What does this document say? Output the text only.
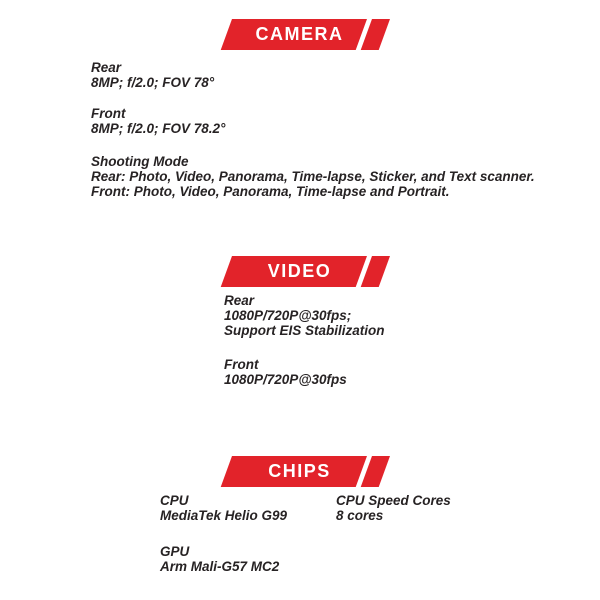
CAMERA
Rear
8MP; f/2.0; FOV 78°
Front
8MP; f/2.0; FOV 78.2°
Shooting Mode
Rear: Photo, Video, Panorama, Time-lapse, Sticker, and Text scanner.
Front: Photo, Video, Panorama, Time-lapse and Portrait.
VIDEO
Rear
1080P/720P@30fps;
Support EIS Stabilization
Front
1080P/720P@30fps
CHIPS
CPU
MediaTek Helio G99
GPU
Arm Mali-G57 MC2
CPU Speed Cores
8 cores
